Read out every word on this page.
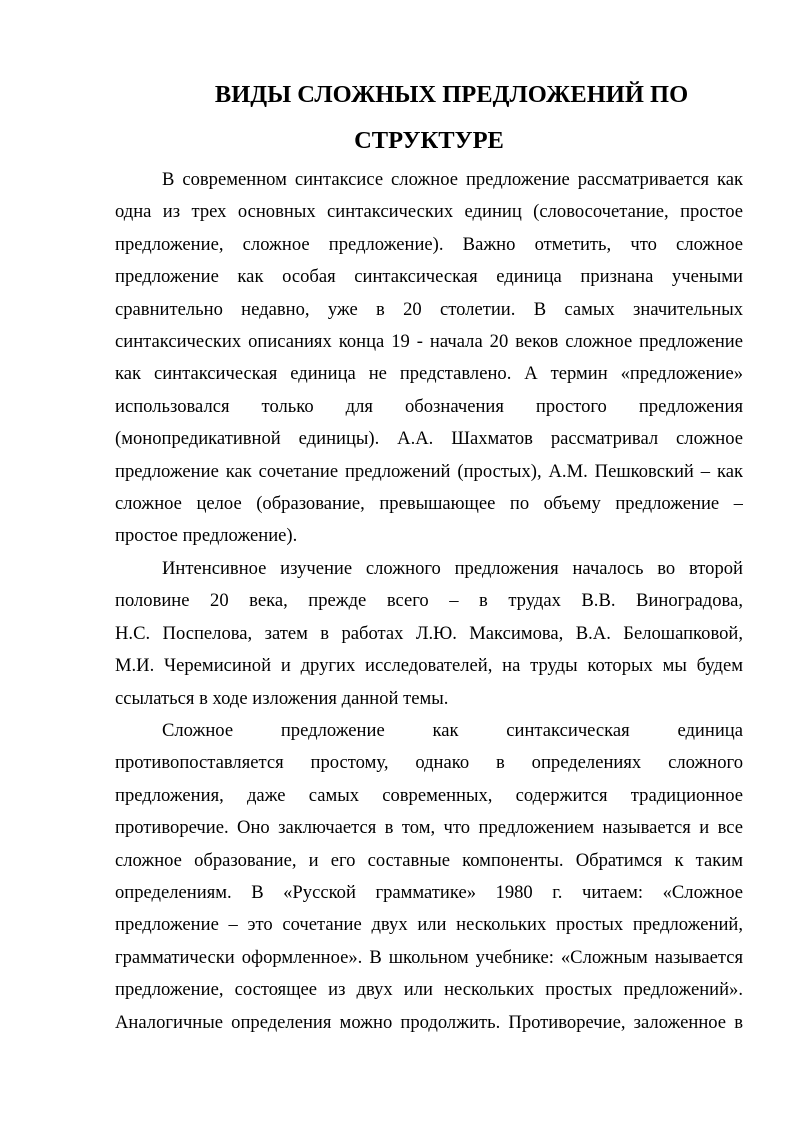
ВИДЫ СЛОЖНЫХ ПРЕДЛОЖЕНИЙ ПО
СТРУКТУРЕ

В современном синтаксисе сложное предложение рассматривается как
одна из трех основных синтаксических единиц (словосочетание, простое
предложение, сложное предложение). Важно отметить, что сложное
предложение как особая синтаксическая единица признана учеными
сравнительно недавно, уже в 20 столетии. В самых значительных
синтаксических описаниях конца 19 - начала 20 веков сложное предложение
как синтаксическая единица не представлено. А термин «предложение»
использовался только для обозначения простого предложения
(монопредикативной единицы). А.А. Шахматов рассматривал сложное
предложение как сочетание предложений (простых), А.М. Пешковский – как
сложное целое (образование, превышающее по объему предложение –
простое предложение).

Интенсивное изучение сложного предложения началось во второй
половине 20 века, прежде всего – в трудах В.В. Виноградова,
Н.С. Поспелова, затем в работах Л.Ю. Максимова, В.А. Белошапковой,
М.И. Черемисиной и других исследователей, на труды которых мы будем
ссылаться в ходе изложения данной темы.

Сложное предложение как синтаксическая единица
противопоставляется простому, однако в определениях сложного
предложения, даже самых современных, содержится традиционное
противоречие. Оно заключается в том, что предложением называется и все
сложное образование, и его составные компоненты. Обратимся к таким
определениям. В «Русской грамматике» 1980 г. читаем: «Сложное
предложение – это сочетание двух или нескольких простых предложений,
грамматически оформленное». В школьном учебнике: «Сложным называется
предложение, состоящее из двух или нескольких простых предложений».
Аналогичные определения можно продолжить. Противоречие, заложенное в
